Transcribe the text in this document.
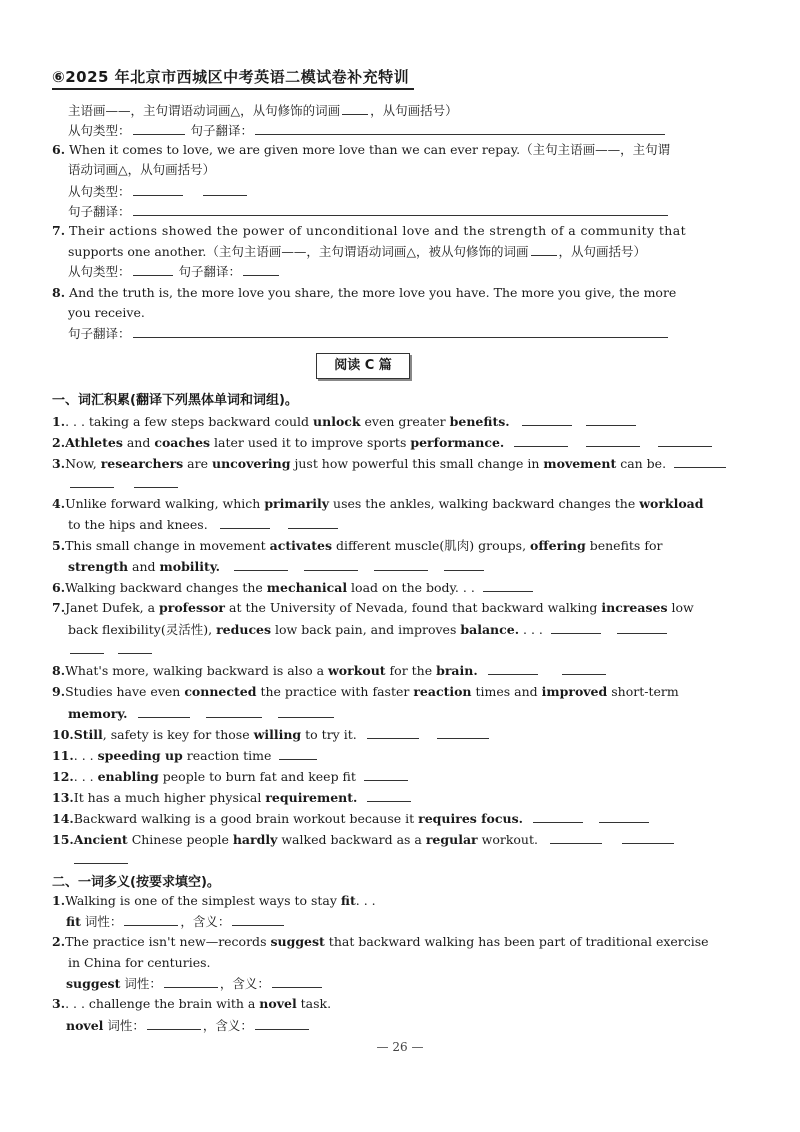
⑥2025 年北京市西城区中考英语二模试卷补充特训
主语画——，主句谓语动词画△，从句修饰的词画 ，从句画括号）
从句类型：	句子翻译：
6. When it comes to love, we are given more love than we can ever repay.（主句主语画——，主句谓
语动词画△，从句画括号）
从句类型：
句子翻译：
7. Their actions showed the power of unconditional love and the strength of a community that
supports one another.（主句主语画——，主句谓语动词画△，被从句修饰的词画 ，从句画括号）
从句类型：	句子翻译：
8. And the truth is, the more love you share, the more love you have. The more you give, the more
you receive.
句子翻译：
阅读 C 篇
一、词汇积累(翻译下列黑体单词和词组)。
1.. . . taking a few steps backward could unlock even greater benefits.
2.Athletes and coaches later used it to improve sports performance.
3.Now, researchers are uncovering just how powerful this small change in movement can be.
4.Unlike forward walking, which primarily uses the ankles, walking backward changes the workload
to the hips and knees.
5.This small change in movement activates different muscle(肌肉) groups, offering benefits for
strength and mobility.
6.Walking backward changes the mechanical load on the body. . .
7.Janet Dufek, a professor at the University of Nevada, found that backward walking increases low
back flexibility(灵活性), reduces low back pain, and improves balance. . . .
8.What's more, walking backward is also a workout for the brain.
9.Studies have even connected the practice with faster reaction times and improved short-term
memory.
10.Still, safety is key for those willing to try it.
11.. . . speeding up reaction time
12.. . . enabling people to burn fat and keep fit
13.It has a much higher physical requirement.
14.Backward walking is a good brain workout because it requires focus.
15.Ancient Chinese people hardly walked backward as a regular workout.
二、一词多义(按要求填空)。
1.Walking is one of the simplest ways to stay fit. . .
fit 词性：	，含义：
2.The practice isn't new—records suggest that backward walking has been part of traditional exercise
in China for centuries.
suggest 词性：	，含义：
3.. . . challenge the brain with a novel task.
novel 词性：	，含义：
— 26 —
